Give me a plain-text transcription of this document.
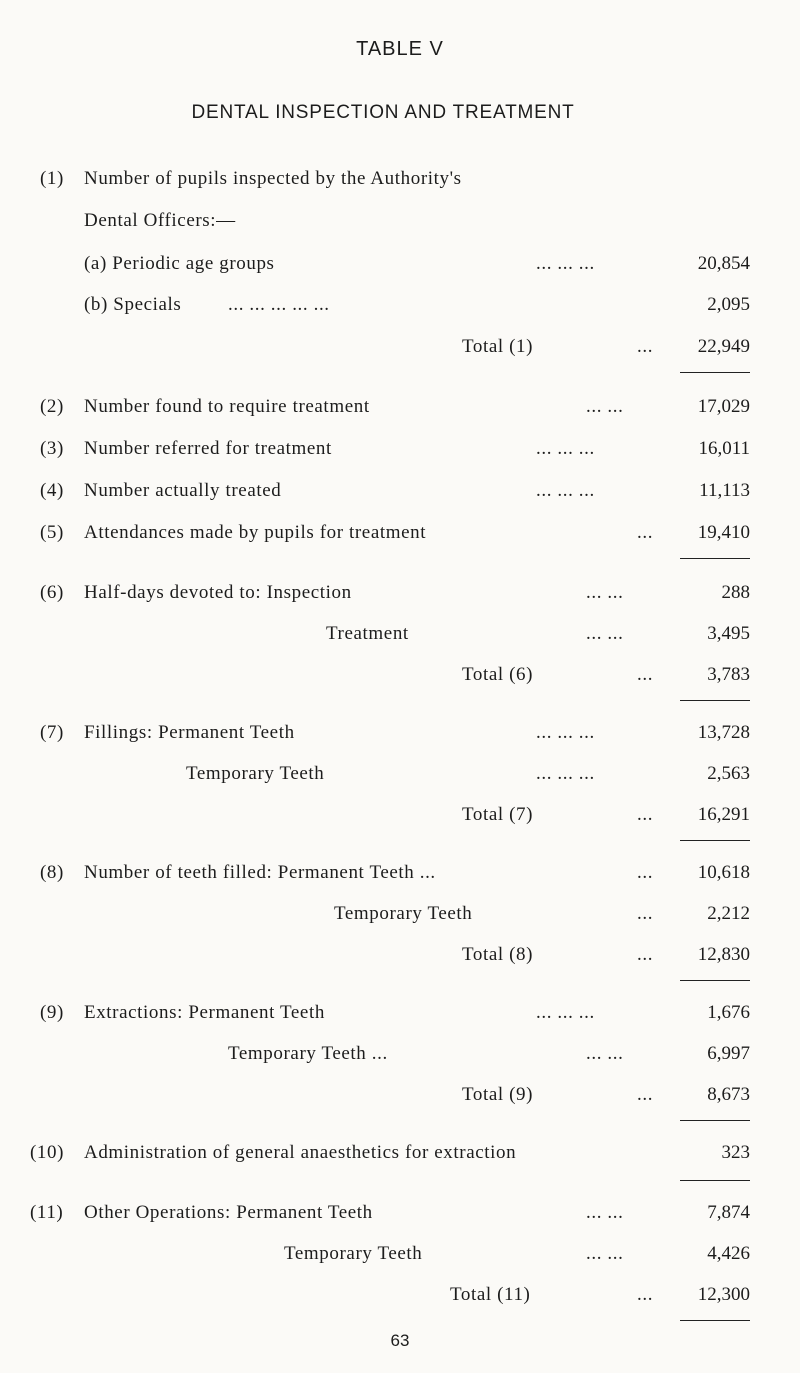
TABLE V
DENTAL INSPECTION AND TREATMENT
(1) Number of pupils inspected by the Authority's
Dental Officers:—
(a) Periodic age groups	... ... ...	20,854
(b) Specials ... ... ... ... ...	2,095
Total (1)	...	22,949
(2) Number found to require treatment	... ...	17,029
(3) Number referred for treatment	... ... ...	16,011
(4) Number actually treated	... ... ...	11,113
(5) Attendances made by pupils for treatment	...	19,410
(6) Half-days devoted to: Inspection	... ...	288
Treatment	... ...	3,495
Total (6)	...	3,783
(7) Fillings: Permanent Teeth	... ... ...	13,728
Temporary Teeth	... ... ...	2,563
Total (7)	...	16,291
(8) Number of teeth filled: Permanent Teeth ...	...	10,618
Temporary Teeth	...	2,212
Total (8)	...	12,830
(9) Extractions: Permanent Teeth	... ... ...	1,676
Temporary Teeth ...	... ...	6,997
Total (9)	...	8,673
(10) Administration of general anaesthetics for extraction	323
(11) Other Operations: Permanent Teeth	... ...	7,874
Temporary Teeth	... ...	4,426
Total (11)	...	12,300
63
